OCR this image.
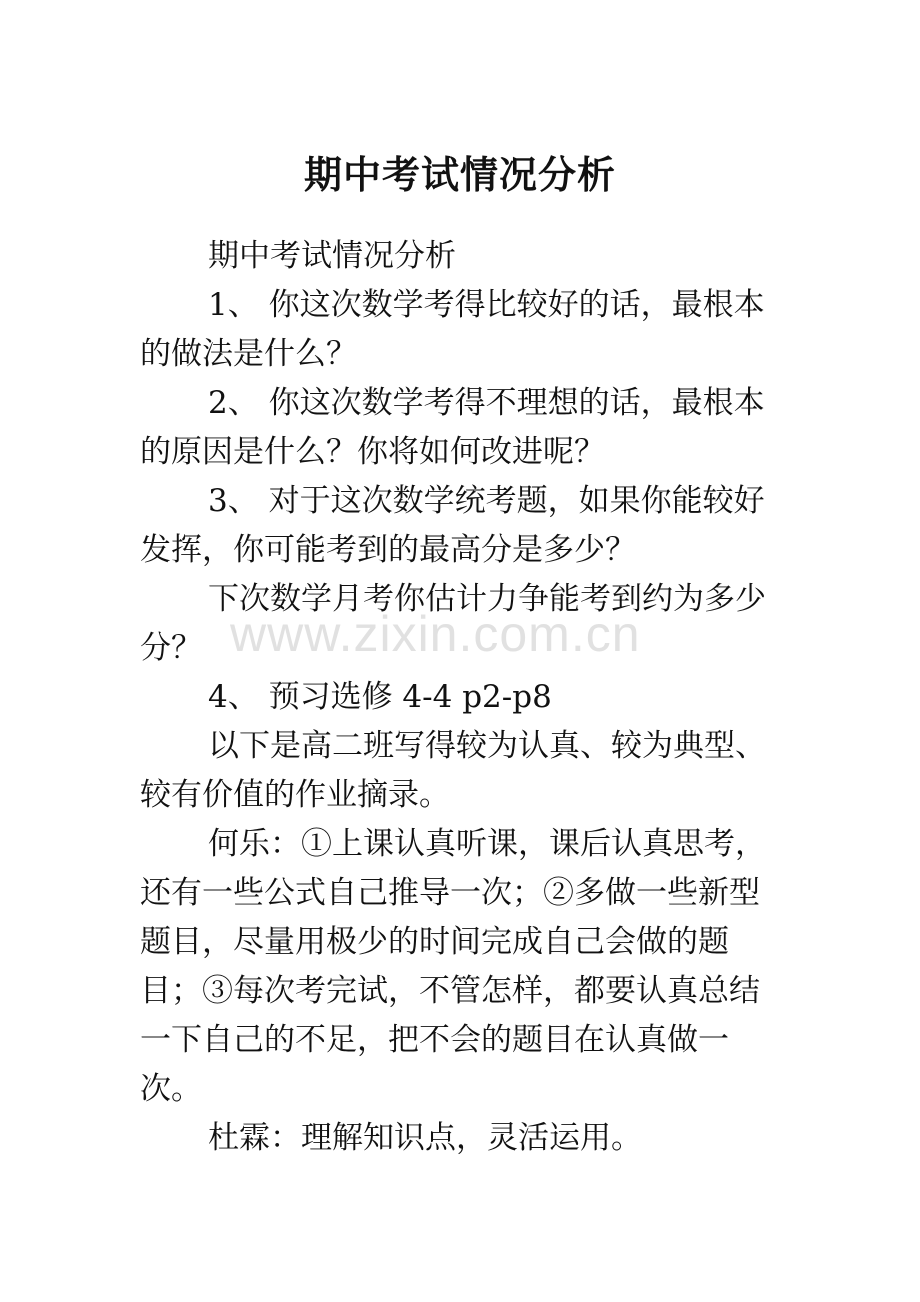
期中考试情况分析

期中考试情况分析

1、 你这次数学考得比较好的话，最根本的做法是什么？

2、 你这次数学考得不理想的话，最根本的原因是什么？你将如何改进呢？

3、 对于这次数学统考题，如果你能较好发挥，你可能考到的最高分是多少？

下次数学月考你估计力争能考到约为多少分？

4、 预习选修 4-4 p2-p8

以下是高二班写得较为认真、较为典型、较有价值的作业摘录。

何乐：①上课认真听课，课后认真思考，还有一些公式自己推导一次；②多做一些新型题目，尽量用极少的时间完成自己会做的题目；③每次考完试，不管怎样，都要认真总结一下自己的不足，把不会的题目在认真做一次。

杜霖：理解知识点，灵活运用。

www.zixin.com.cn
